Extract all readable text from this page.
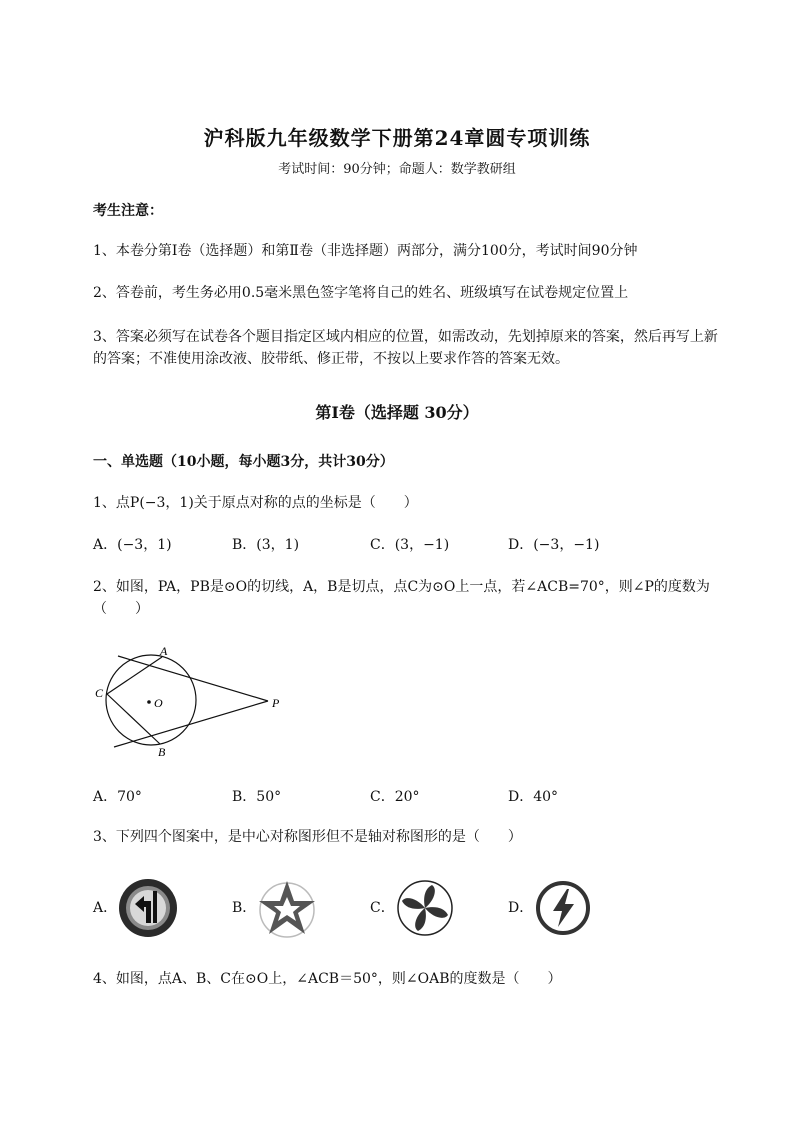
沪科版九年级数学下册第24章圆专项训练
考试时间：90分钟；命题人：数学教研组
考生注意：
1、本卷分第I卷（选择题）和第Ⅱ卷（非选择题）两部分，满分100分，考试时间90分钟
2、答卷前，考生务必用0.5毫米黑色签字笔将自己的姓名、班级填写在试卷规定位置上
3、答案必须写在试卷各个题目指定区域内相应的位置，如需改动，先划掉原来的答案，然后再写上新的答案；不准使用涂改液、胶带纸、修正带，不按以上要求作答的答案无效。
第I卷（选择题 30分）
一、单选题（10小题，每小题3分，共计30分）
1、点P(−3，1)关于原点对称的点的坐标是（　　）
A．(−3，1)	B．(3，1)	C．(3，−1)	D．(−3，−1)
2、如图，PA，PB是⊙O的切线，A，B是切点，点C为⊙O上一点，若∠ACB=70°，则∠P的度数为（　　）
A
C
O	P
B
A．70°	B．50°	C．20°	D．40°
3、下列四个图案中，是中心对称图形但不是轴对称图形的是（　　）
A．	B．	C．	D．
4、如图，点A、B、C在⊙O上，∠ACB＝50°，则∠OAB的度数是（　　）
